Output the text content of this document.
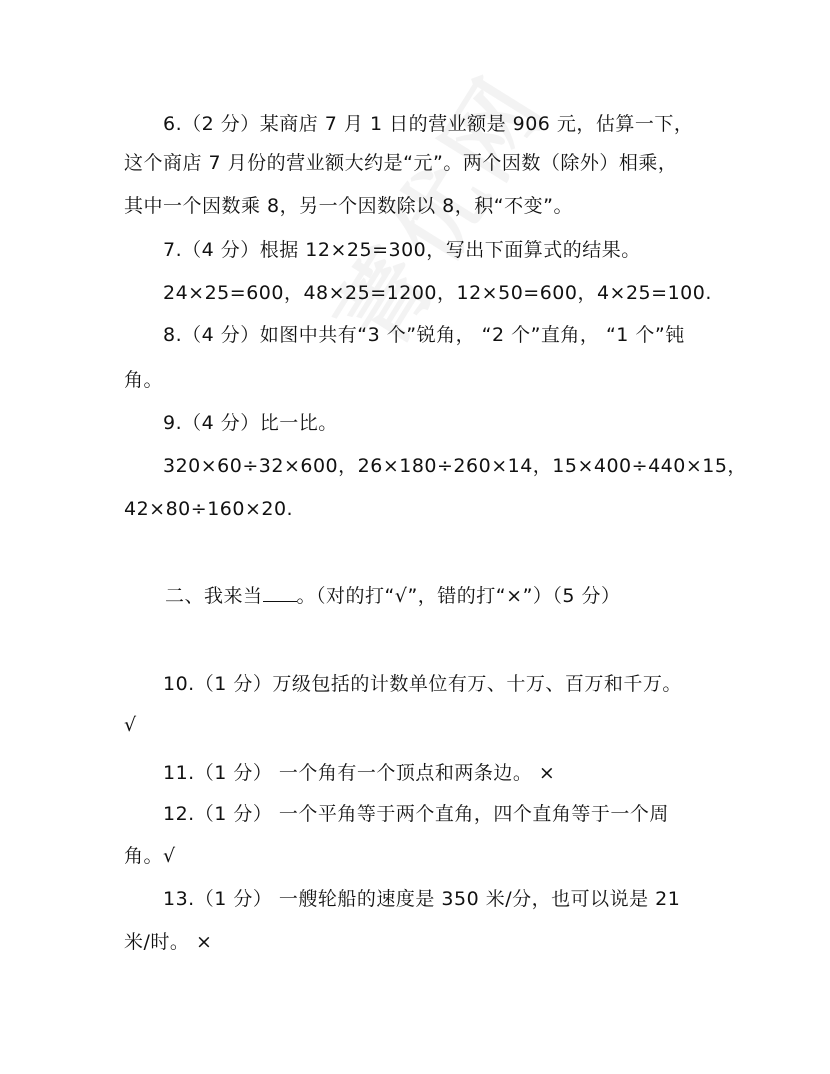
6.（2 分）某商店 7 月 1 日的营业额是 906 元，估算一下，
这个商店 7 月份的营业额大约是“元”。两个因数（除外）相乘，
其中一个因数乘 8，另一个因数除以 8，积“不变”。
7.（4 分）根据 12×25=300，写出下面算式的结果。
24×25=600，48×25=1200，12×50=600，4×25=100.
8.（4 分）如图中共有“3 个”锐角， “2 个”直角， “1 个”钝
角。
9.（4 分）比一比。
320×60÷32×600，26×180÷260×14，15×400÷440×15，
42×80÷160×20.
二、我来当 。（对的打“√”，错的打“×”）（5 分）
10.（1 分）万级包括的计数单位有万、十万、百万和千万。
√
11.（1 分） 一个角有一个顶点和两条边。 ×
12.（1 分） 一个平角等于两个直角，四个直角等于一个周
角。√
13.（1 分） 一艘轮船的速度是 350 米/分，也可以说是 21
米/时。 ×
